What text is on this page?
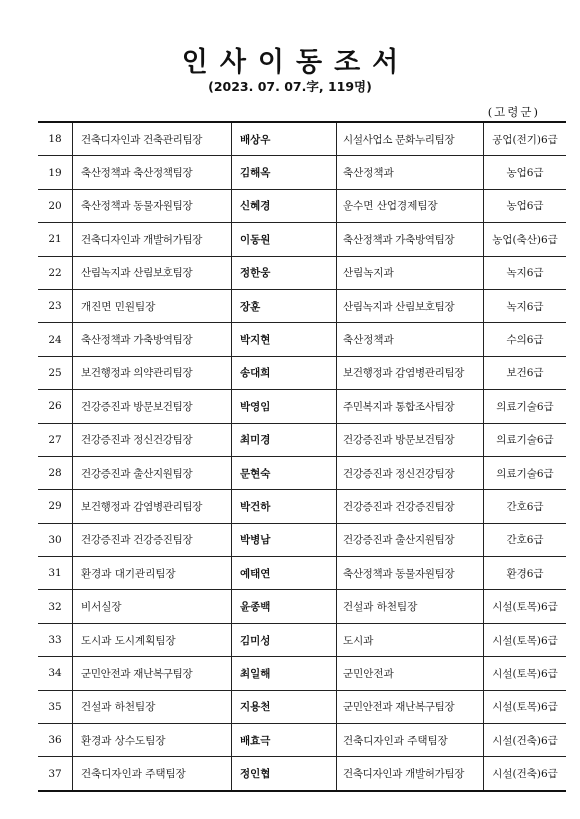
인사이동조서
(2023. 07. 07.字, 119명)
(고령군)
18	건축디자인과 건축관리팀장	배상우	시설사업소 문화누리팀장	공업(전기)6급
19	축산정책과 축산정책팀장	김해옥	축산정책과	농업6급
20	축산정책과 동물자원팀장	신혜경	운수면 산업경제팀장	농업6급
21	건축디자인과 개발허가팀장	이동원	축산정책과 가축방역팀장	농업(축산)6급
22	산림녹지과 산림보호팀장	정한웅	산림녹지과	녹지6급
23	개진면 민원팀장	장훈	산림녹지과 산림보호팀장	녹지6급
24	축산정책과 가축방역팀장	박지현	축산정책과	수의6급
25	보건행정과 의약관리팀장	송대희	보건행정과 감염병관리팀장	보건6급
26	건강증진과 방문보건팀장	박영임	주민복지과 통합조사팀장	의료기술6급
27	건강증진과 정신건강팀장	최미경	건강증진과 방문보건팀장	의료기술6급
28	건강증진과 출산지원팀장	문현숙	건강증진과 정신건강팀장	의료기술6급
29	보건행정과 감염병관리팀장	박건하	건강증진과 건강증진팀장	간호6급
30	건강증진과 건강증진팀장	박병남	건강증진과 출산지원팀장	간호6급
31	환경과 대기관리팀장	예태연	축산정책과 동물자원팀장	환경6급
32	비서실장	윤종백	건설과 하천팀장	시설(토목)6급
33	도시과 도시계획팀장	김미성	도시과	시설(토목)6급
34	군민안전과 재난복구팀장	최일해	군민안전과	시설(토목)6급
35	건설과 하천팀장	지용천	군민안전과 재난복구팀장	시설(토목)6급
36	환경과 상수도팀장	배효극	건축디자인과 주택팀장	시설(건축)6급
37	건축디자인과 주택팀장	정인협	건축디자인과 개발허가팀장	시설(건축)6급
